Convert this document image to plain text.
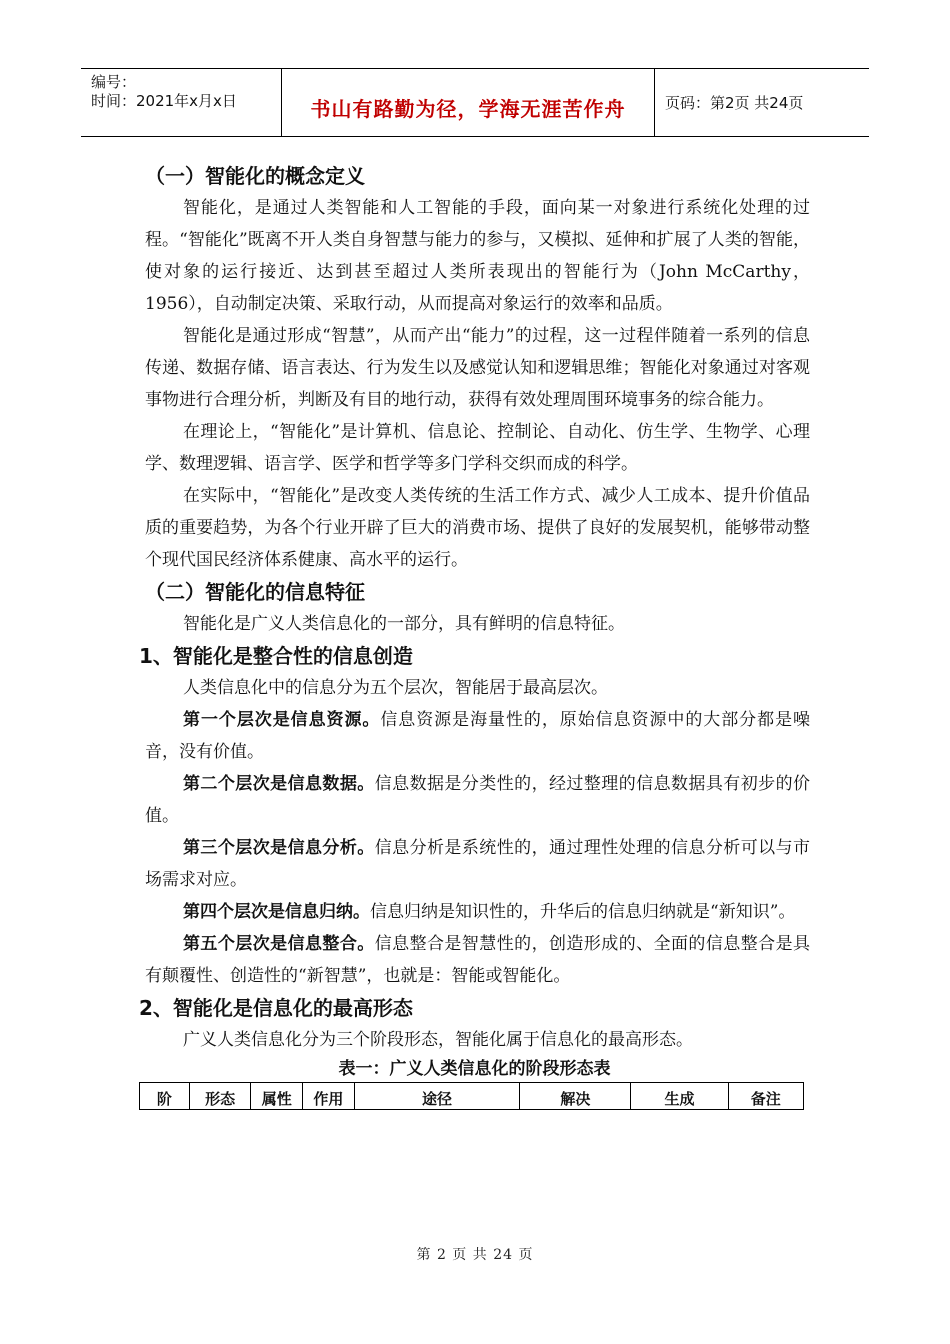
编号：
时间：2021年x月x日	书山有路勤为径，学海无涯苦作舟	页码：第2页 共24页
（一）智能化的概念定义

智能化，是通过人类智能和人工智能的手段，面向某一对象进行系统化处理的过程。“智能化”既离不开人类自身智慧与能力的参与，又模拟、延伸和扩展了人类的智能，使对象的运行接近、达到甚至超过人类所表现出的智能行为（John McCarthy，1956），自动制定决策、采取行动，从而提高对象运行的效率和品质。

智能化是通过形成“智慧”，从而产出“能力”的过程，这一过程伴随着一系列的信息传递、数据存储、语言表达、行为发生以及感觉认知和逻辑思维；智能化对象通过对客观事物进行合理分析，判断及有目的地行动，获得有效处理周围环境事务的综合能力。

在理论上，“智能化”是计算机、信息论、控制论、自动化、仿生学、生物学、心理学、数理逻辑、语言学、医学和哲学等多门学科交织而成的科学。

在实际中，“智能化”是改变人类传统的生活工作方式、减少人工成本、提升价值品质的重要趋势，为各个行业开辟了巨大的消费市场、提供了良好的发展契机，能够带动整个现代国民经济体系健康、高水平的运行。

（二）智能化的信息特征

智能化是广义人类信息化的一部分，具有鲜明的信息特征。

1、智能化是整合性的信息创造

人类信息化中的信息分为五个层次，智能居于最高层次。

第一个层次是信息资源。信息资源是海量性的，原始信息资源中的大部分都是噪音，没有价值。

第二个层次是信息数据。信息数据是分类性的，经过整理的信息数据具有初步的价值。

第三个层次是信息分析。信息分析是系统性的，通过理性处理的信息分析可以与市场需求对应。

第四个层次是信息归纳。信息归纳是知识性的，升华后的信息归纳就是“新知识”。

第五个层次是信息整合。信息整合是智慧性的，创造形成的、全面的信息整合是具有颠覆性、创造性的“新智慧”，也就是：智能或智能化。

2、智能化是信息化的最高形态

广义人类信息化分为三个阶段形态，智能化属于信息化的最高形态。

表一：广义人类信息化的阶段形态表

阶	形态	属性	作用	途径	解决	生成	备注
第 2 页 共 24 页
